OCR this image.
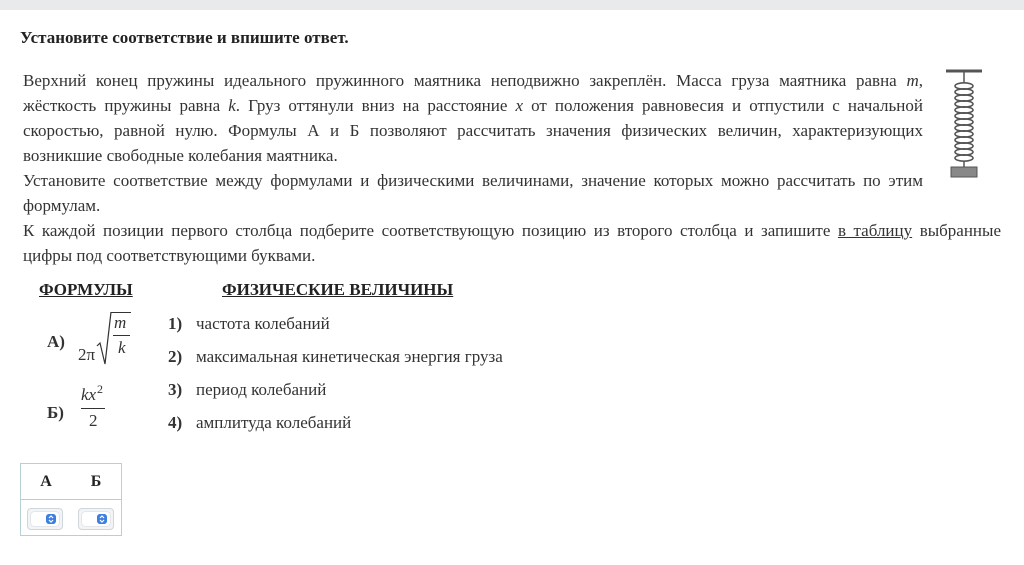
Установите соответствие и впишите ответ.

Верхний конец пружины идеального пружинного маятника неподвижно закреплён. Масса груза маятника равна m, жёсткость пружины равна k. Груз оттянули вниз на расстояние x от положения равновесия и отпустили с начальной скоростью, равной нулю. Формулы А и Б позволяют рассчитать значения физических величин, характеризующих возникшие свободные колебания маятника.

Установите соответствие между формулами и физическими величинами, значение которых можно рассчитать по этим формулам.

К каждой позиции первого столбца подберите соответствующую позицию из второго столбца и запишите в таблицу выбранные цифры под соответствующими буквами.

ФОРМУЛЫ	ФИЗИЧЕСКИЕ ВЕЛИЧИНЫ
А)
2π
m
k
Б)
kx 2
2
1) частота колебаний
2) максимальная кинетическая энергия груза
3) период колебаний
4) амплитуда колебаний
А	Б
